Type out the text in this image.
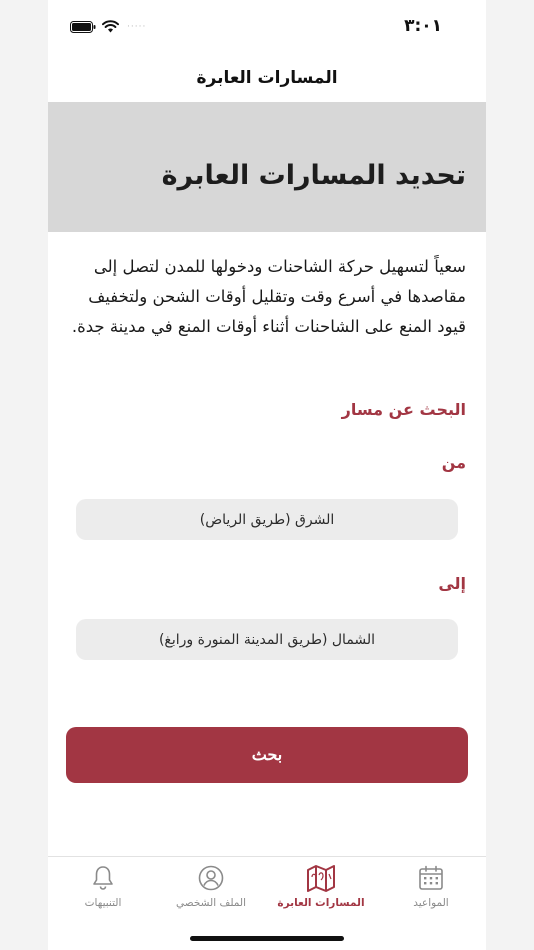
·····	٣:٠١
المسارات العابرة
تحديد المسارات العابرة
سعياً لتسهيل حركة الشاحنات ودخولها للمدن لتصل إلى مقاصدها في أسرع وقت وتقليل أوقات الشحن ولتخفيف قيود المنع على الشاحنات أثناء أوقات المنع في مدينة جدة.
البحث عن مسار
من
الشرق (طريق الرياض)
إلى
الشمال (طريق المدينة المنورة ورابغ)
بحث
التنبيهات	الملف الشخصي	المسارات العابرة	المواعيد
